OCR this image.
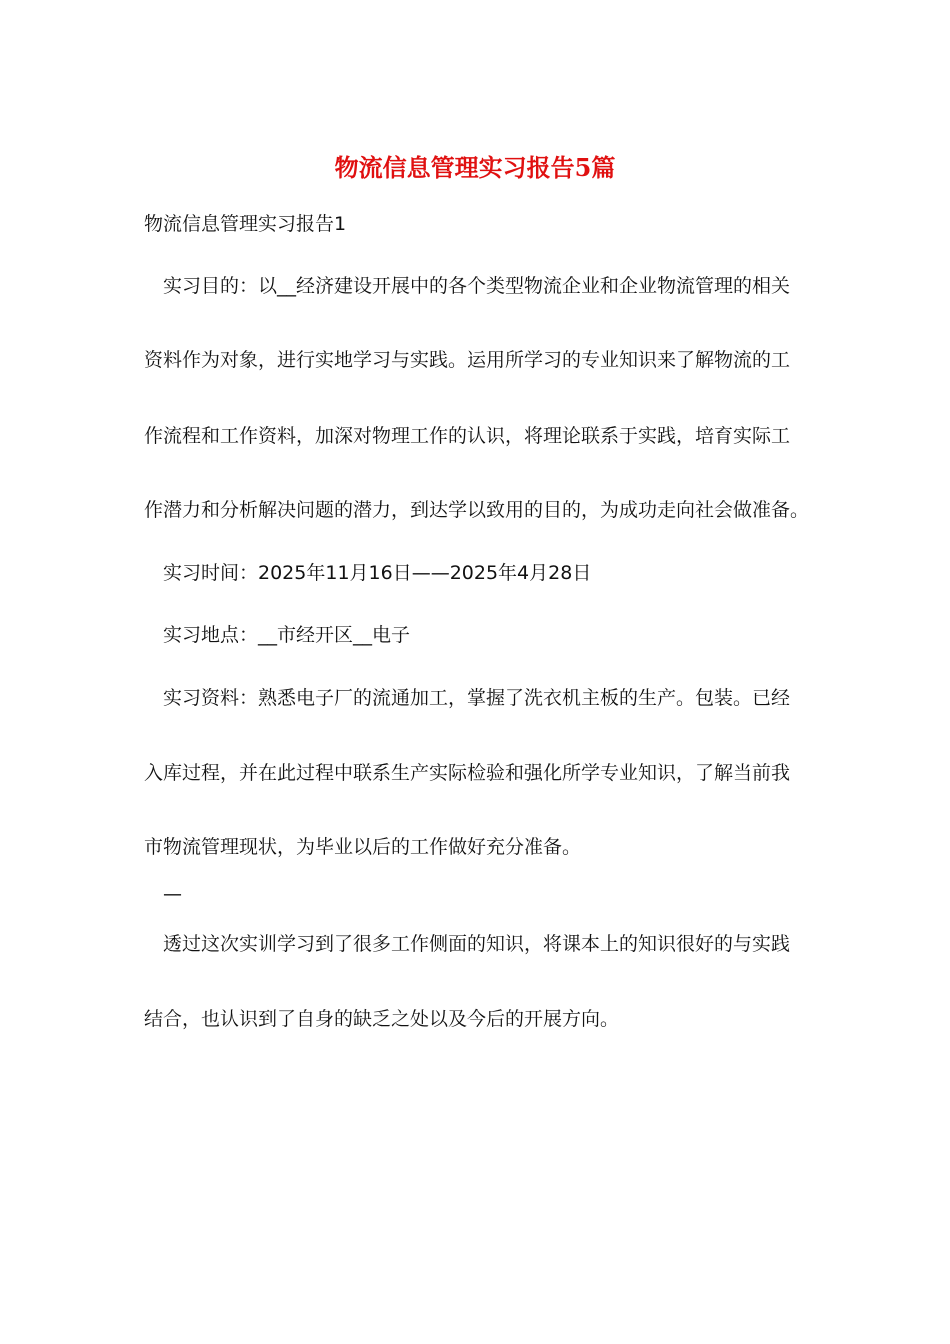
物流信息管理实习报告5篇
物流信息管理实习报告1
实习目的：以__经济建设开展中的各个类型物流企业和企业物流管理的相关
资料作为对象，进行实地学习与实践。运用所学习的专业知识来了解物流的工
作流程和工作资料，加深对物理工作的认识，将理论联系于实践，培育实际工
作潜力和分析解决问题的潜力，到达学以致用的目的，为成功走向社会做准备。
实习时间：2025年11月16日——2025年4月28日
实习地点：__市经开区__电子
实习资料：熟悉电子厂的流通加工，掌握了洗衣机主板的生产。包装。已经
入库过程，并在此过程中联系生产实际检验和强化所学专业知识，了解当前我
市物流管理现状，为毕业以后的工作做好充分准备。
—
透过这次实训学习到了很多工作侧面的知识，将课本上的知识很好的与实践
结合，也认识到了自身的缺乏之处以及今后的开展方向。
